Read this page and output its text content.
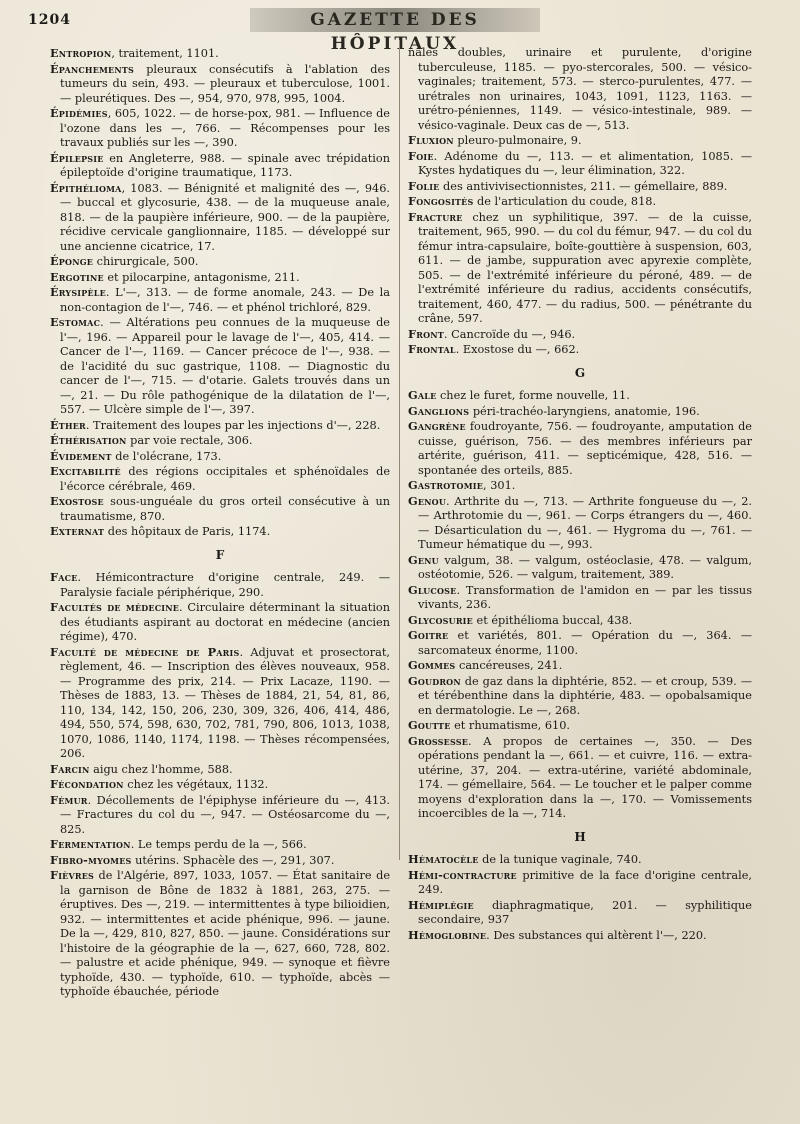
1204	GAZETTE DES HÔPITAUX
Entropion, traitement, 1101.
Épanchements pleuraux consécutifs à l'ablation des tumeurs du sein, 493. — pleuraux et tuberculose, 1001. — pleurétiques. Des —, 954, 970, 978, 995, 1004.
Épidémies, 605, 1022. — de horse-pox, 981. — Influence de l'ozone dans les —, 766. — Récompenses pour les travaux publiés sur les —, 390.
Épilepsie en Angleterre, 988. — spinale avec trépidation épileptoïde d'origine traumatique, 1173.
Épithélioma, 1083. — Bénignité et malignité des —, 946. — buccal et glycosurie, 438. — de la muqueuse anale, 818. — de la paupière inférieure, 900. — de la paupière, récidive cervicale ganglionnaire, 1185. — développé sur une ancienne cicatrice, 17.
Éponge chirurgicale, 500.
Ergotine et pilocarpine, antagonisme, 211.
Érysipèle. L'—, 313. — de forme anomale, 243. — De la non-contagion de l'—, 746. — et phénol trichloré, 829.
Estomac. — Altérations peu connues de la muqueuse de l'—, 196. — Appareil pour le lavage de l'—, 405, 414. — Cancer de l'—, 1169. — Cancer précoce de l'—, 938. — de l'acidité du suc gastrique, 1108. — Diagnostic du cancer de l'—, 715. — d'otarie. Galets trouvés dans un —, 21. — Du rôle pathogénique de la dilatation de l'—, 557. — Ulcère simple de l'—, 397.
Éther. Traitement des loupes par les injections d'—, 228.
Éthérisation par voie rectale, 306.
Évidement de l'olécrane, 173.
Excitabilité des régions occipitales et sphénoïdales de l'écorce cérébrale, 469.
Exostose sous-unguéale du gros orteil consécutive à un traumatisme, 870.
Externat des hôpitaux de Paris, 1174.
F
Face. Hémicontracture d'origine centrale, 249. — Paralysie faciale périphérique, 290.
Facultés de médecine. Circulaire déterminant la situation des étudiants aspirant au doctorat en médecine (ancien régime), 470.
Faculté de médecine de Paris. Adjuvat et prosectorat, règlement, 46. — Inscription des élèves nouveaux, 958. — Programme des prix, 214. — Prix Lacaze, 1190. — Thèses de 1883, 13. — Thèses de 1884, 21, 54, 81, 86, 110, 134, 142, 150, 206, 230, 309, 326, 406, 414, 486, 494, 550, 574, 598, 630, 702, 781, 790, 806, 1013, 1038, 1070, 1086, 1140, 1174, 1198. — Thèses récompensées, 206.
Farcin aigu chez l'homme, 588.
Fécondation chez les végétaux, 1132.
Fémur. Décollements de l'épiphyse inférieure du —, 413. — Fractures du col du —, 947. — Ostéosarcome du —, 825.
Fermentation. Le temps perdu de la —, 566.
Fibro-myomes utérins. Sphacèle des —, 291, 307.
Fièvres de l'Algérie, 897, 1033, 1057. — État sanitaire de la garnison de Bône de 1832 à 1881, 263, 275. — éruptives. Des —, 219. — intermittentes à type bilioidien, 932. — intermittentes et acide phénique, 996. — jaune. De la —, 429, 810, 827, 850. — jaune. Considérations sur l'histoire de la géographie de la —, 627, 660, 728, 802. — palustre et acide phénique, 949. — synoque et fièvre typhoïde, 430. — typhoïde, 610. — typhoïde, abcès — typhoïde ébauchée, période
nales doubles, urinaire et purulente, d'origine tuberculeuse, 1185. — pyo-stercorales, 500. — vésico-vaginales; traitement, 573. — sterco-purulentes, 477. — urétrales non urinaires, 1043, 1091, 1123, 1163. — urétro-péniennes, 1149. — vésico-intestinale, 989. — vésico-vaginale. Deux cas de —, 513.
Fluxion pleuro-pulmonaire, 9.
Foie. Adénome du —, 113. — et alimentation, 1085. — Kystes hydatiques du —, leur élimination, 322.
Folie des antivivisectionnistes, 211. — gémellaire, 889.
Fongosités de l'articulation du coude, 818.
Fracture chez un syphilitique, 397. — de la cuisse, traitement, 965, 990. — du col du fémur, 947. — du col du fémur intra-capsulaire, boîte-gouttière à suspension, 603, 611. — de jambe, suppuration avec apyrexie complète, 505. — de l'extrémité inférieure du péroné, 489. — de l'extrémité inférieure du radius, accidents consécutifs, traitement, 460, 477. — du radius, 500. — pénétrante du crâne, 597.
Front. Cancroïde du —, 946.
Frontal. Exostose du —, 662.
G
Gale chez le furet, forme nouvelle, 11.
Ganglions péri-trachéo-laryngiens, anatomie, 196.
Gangrène foudroyante, 756. — foudroyante, amputation de cuisse, guérison, 756. — des membres inférieurs par artérite, guérison, 411. — septicémique, 428, 516. — spontanée des orteils, 885.
Gastrotomie, 301.
Genou. Arthrite du —, 713. — Arthrite fongueuse du —, 2. — Arthrotomie du —, 961. — Corps étrangers du —, 460. — Désarticulation du —, 461. — Hygroma du —, 761. — Tumeur hématique du —, 993.
Genu valgum, 38. — valgum, ostéoclasie, 478. — valgum, ostéotomie, 526. — valgum, traitement, 389.
Glucose. Transformation de l'amidon en — par les tissus vivants, 236.
Glycosurie et épithélioma buccal, 438.
Goitre et variétés, 801. — Opération du —, 364. — sarcomateux énorme, 1100.
Gommes cancéreuses, 241.
Goudron de gaz dans la diphtérie, 852. — et croup, 539. — et térébenthine dans la diphtérie, 483. — opobalsamique en dermatologie. Le —, 268.
Goutte et rhumatisme, 610.
Grossesse. A propos de certaines —, 350. — Des opérations pendant la —, 661. — et cuivre, 116. — extra-utérine, 37, 204. — extra-utérine, variété abdominale, 174. — gémellaire, 564. — Le toucher et le palper comme moyens d'exploration dans la —, 170. — Vomissements incoercibles de la —, 714.
H
Hématocèle de la tunique vaginale, 740.
Hémi-contracture primitive de la face d'origine centrale, 249.
Hémiplégie diaphragmatique, 201. — syphilitique secondaire, 937
Hémoglobine. Des substances qui altèrent l'—, 220.
